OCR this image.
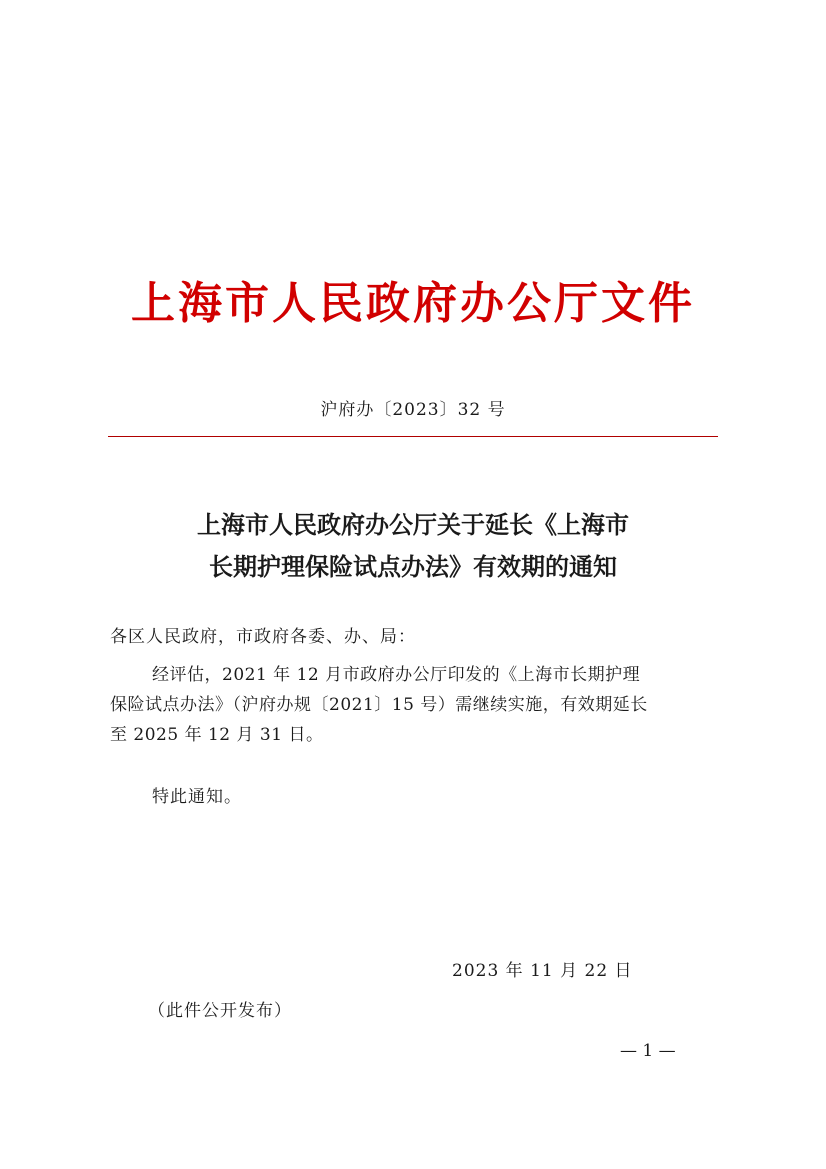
上海市人民政府办公厅文件
沪府办〔2023〕32 号
上海市人民政府办公厅关于延长《上海市
长期护理保险试点办法》有效期的通知
各区人民政府，市政府各委、办、局：
经评估，2021 年 12 月市政府办公厅印发的《上海市长期护理
保险试点办法》（沪府办规〔2021〕15 号）需继续实施，有效期延长
至 2025 年 12 月 31 日。
特此通知。
2023 年 11 月 22 日
（此件公开发布）
— 1 —
